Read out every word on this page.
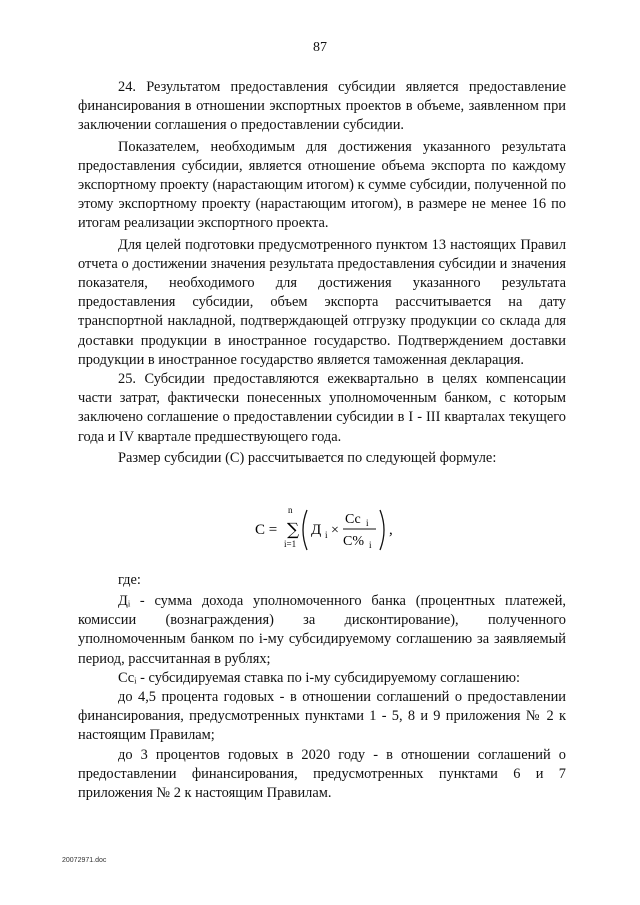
87

24. Результатом предоставления субсидии является предоставление финансирования в отношении экспортных проектов в объеме, заявленном при заключении соглашения о предоставлении субсидии.

Показателем, необходимым для достижения указанного результата предоставления субсидии, является отношение объема экспорта по каждому экспортному проекту (нарастающим итогом) к сумме субсидии, полученной по этому экспортному проекту (нарастающим итогом), в размере не менее 16 по итогам реализации экспортного проекта.

Для целей подготовки предусмотренного пунктом 13 настоящих Правил отчета о достижении значения результата предоставления субсидии и значения показателя, необходимого для достижения указанного результата предоставления субсидии, объем экспорта рассчитывается на дату транспортной накладной, подтверждающей отгрузку продукции со склада для доставки продукции в иностранное государство. Подтверждением доставки продукции в иностранное государство является таможенная декларация.

25. Субсидии предоставляются ежеквартально в целях компенсации части затрат, фактически понесенных уполномоченным банком, с которым заключено соглашение о предоставлении субсидии в I - III кварталах текущего года и IV квартале предшествующего года.

Размер субсидии (С) рассчитывается по следующей формуле:

С =
n
∑
i=1
Д i ×
Сс i
С% i
,
где:

Дᵢ - сумма дохода уполномоченного банка (процентных платежей, комиссии (вознаграждения) за дисконтирование), полученного уполномоченным банком по i-му субсидируемому соглашению за заявляемый период, рассчитанная в рублях;

Ссᵢ - субсидируемая ставка по i-му субсидируемому соглашению:

до 4,5 процента годовых - в отношении соглашений о предоставлении финансирования, предусмотренных пунктами 1 - 5, 8 и 9 приложения № 2 к настоящим Правилам;

до 3 процентов годовых в 2020 году - в отношении соглашений о предоставлении финансирования, предусмотренных пунктами 6 и 7 приложения № 2 к настоящим Правилам.

20072971.doc
